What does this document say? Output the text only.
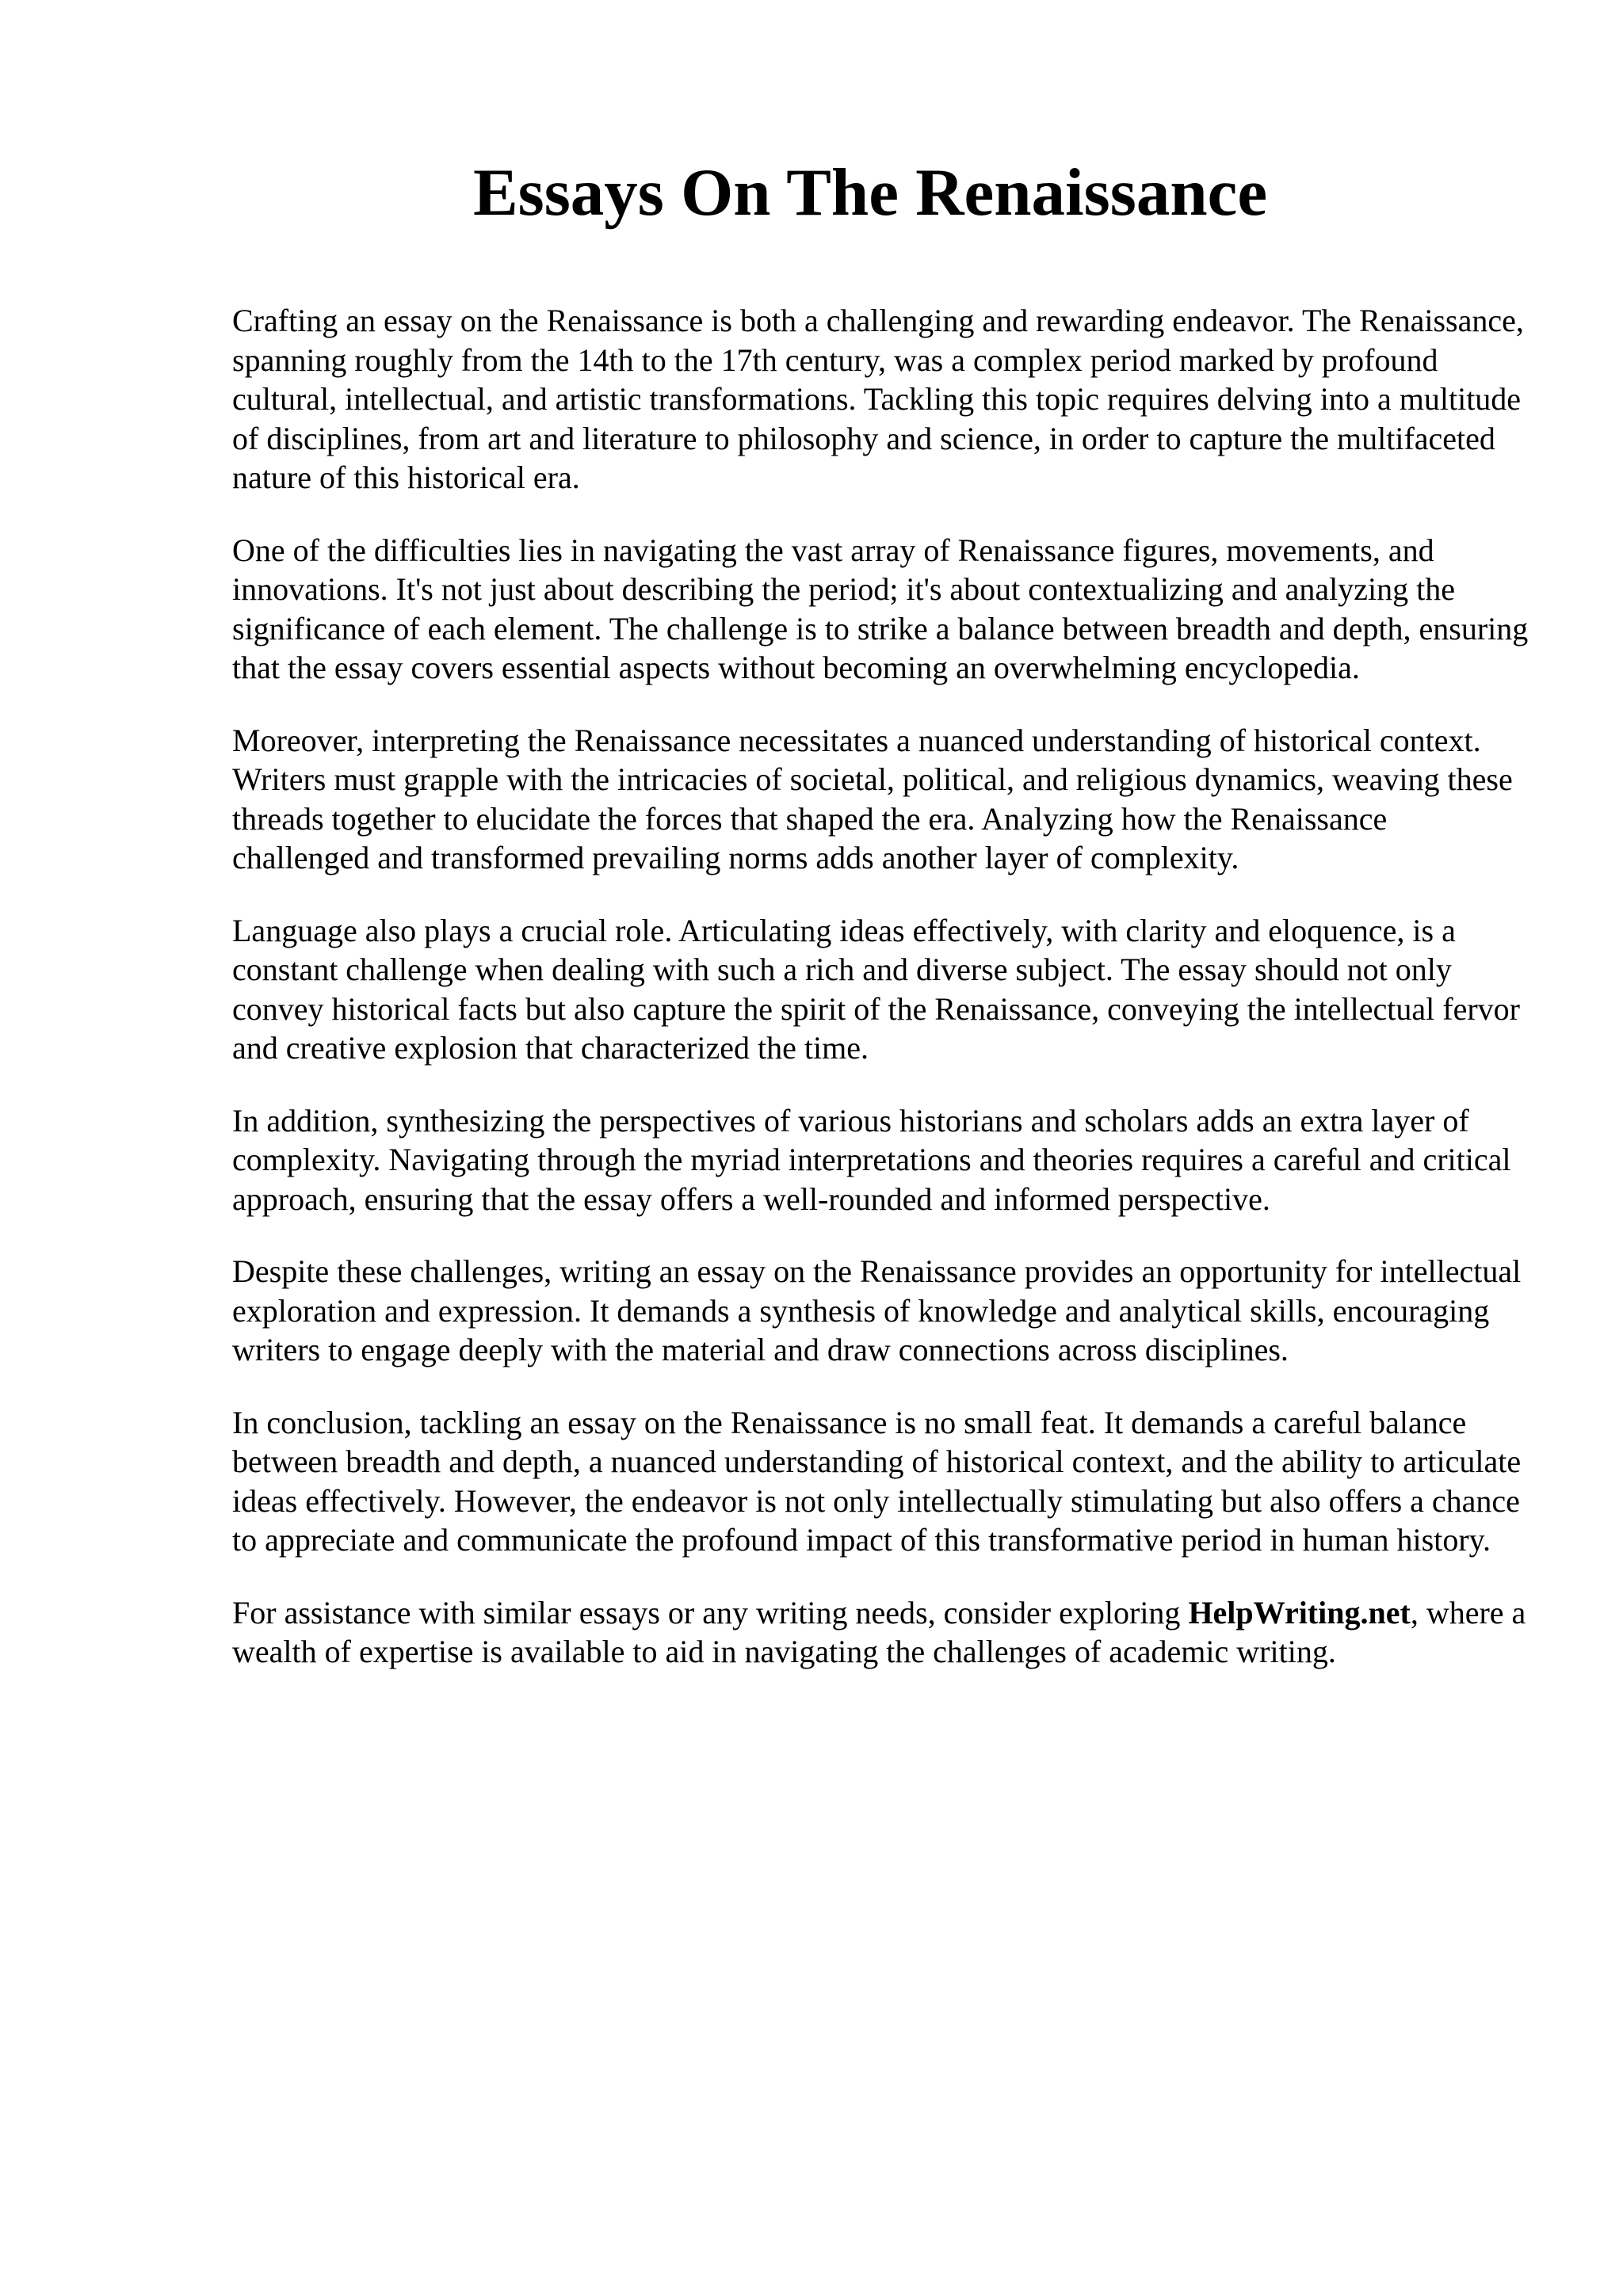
Essays On The Renaissance

Crafting an essay on the Renaissance is both a challenging and rewarding endeavor. The Renaissance, spanning roughly from the 14th to the 17th century, was a complex period marked by profound cultural, intellectual, and artistic transformations. Tackling this topic requires delving into a multitude of disciplines, from art and literature to philosophy and science, in order to capture the multifaceted nature of this historical era.

One of the difficulties lies in navigating the vast array of Renaissance figures, movements, and innovations. It's not just about describing the period; it's about contextualizing and analyzing the significance of each element. The challenge is to strike a balance between breadth and depth, ensuring that the essay covers essential aspects without becoming an overwhelming encyclopedia.

Moreover, interpreting the Renaissance necessitates a nuanced understanding of historical context. Writers must grapple with the intricacies of societal, political, and religious dynamics, weaving these threads together to elucidate the forces that shaped the era. Analyzing how the Renaissance challenged and transformed prevailing norms adds another layer of complexity.

Language also plays a crucial role. Articulating ideas effectively, with clarity and eloquence, is a constant challenge when dealing with such a rich and diverse subject. The essay should not only convey historical facts but also capture the spirit of the Renaissance, conveying the intellectual fervor and creative explosion that characterized the time.

In addition, synthesizing the perspectives of various historians and scholars adds an extra layer of complexity. Navigating through the myriad interpretations and theories requires a careful and critical approach, ensuring that the essay offers a well-rounded and informed perspective.

Despite these challenges, writing an essay on the Renaissance provides an opportunity for intellectual exploration and expression. It demands a synthesis of knowledge and analytical skills, encouraging writers to engage deeply with the material and draw connections across disciplines.

In conclusion, tackling an essay on the Renaissance is no small feat. It demands a careful balance between breadth and depth, a nuanced understanding of historical context, and the ability to articulate ideas effectively. However, the endeavor is not only intellectually stimulating but also offers a chance to appreciate and communicate the profound impact of this transformative period in human history.

For assistance with similar essays or any writing needs, consider exploring HelpWriting.net, where a wealth of expertise is available to aid in navigating the challenges of academic writing.
